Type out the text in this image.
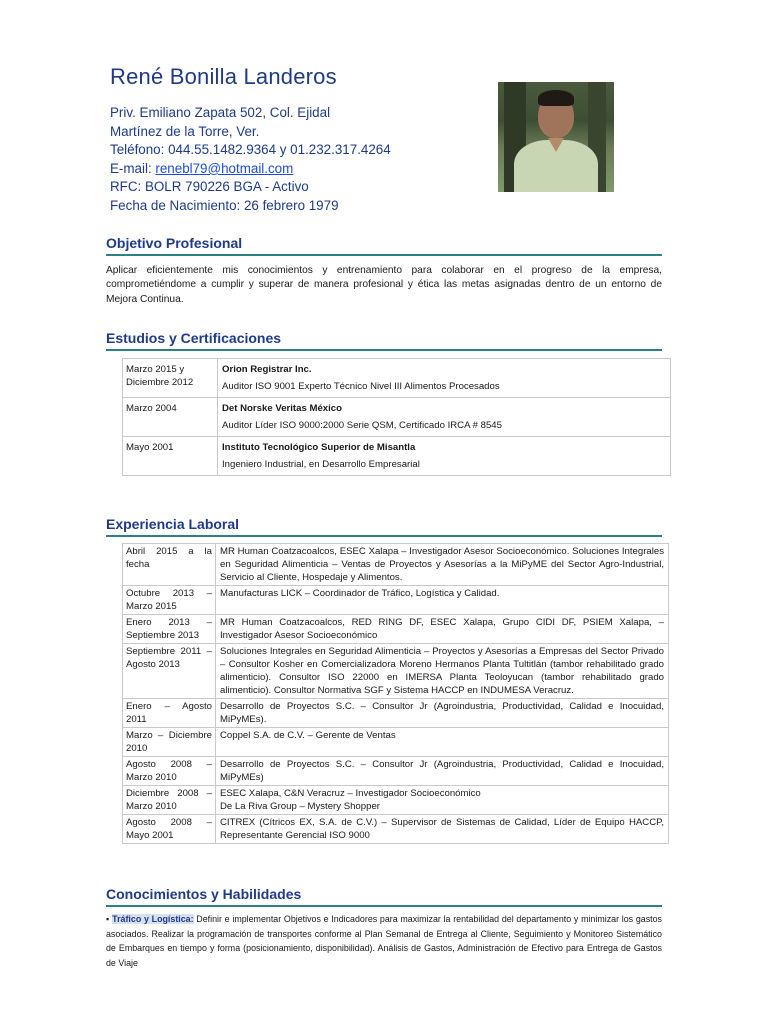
René Bonilla Landeros
Priv. Emiliano Zapata 502, Col. Ejidal
Martínez de la Torre, Ver.
Teléfono: 044.55.1482.9364 y 01.232.317.4264
E-mail: renebl79@hotmail.com
RFC: BOLR 790226 BGA - Activo
Fecha de Nacimiento: 26 febrero 1979
Objetivo Profesional
Aplicar eficientemente mis conocimientos y entrenamiento para colaborar en el progreso de la empresa, comprometiéndome a cumplir y superar de manera profesional y ética las metas asignadas dentro de un entorno de Mejora Continua.
Estudios y Certificaciones
Marzo 2015 y Diciembre 2012	Orion Registrar Inc.
Auditor ISO 9001 Experto Técnico Nivel III Alimentos Procesados

Marzo 2004	Det Norske Veritas México
Auditor Líder ISO 9000:2000 Serie QSM, Certificado IRCA # 8545

Mayo 2001	Instituto Tecnológico Superior de Misantla
Ingeniero Industrial, en Desarrollo Empresarial
Experiencia Laboral
Abril 2015 a la fecha	MR Human Coatzacoalcos, ESEC Xalapa – Investigador Asesor Socioeconómico. Soluciones Integrales en Seguridad Alimenticia – Ventas de Proyectos y Asesorías a la MiPyME del Sector Agro-Industrial, Servicio al Cliente, Hospedaje y Alimentos.
Octubre 2013 – Marzo 2015	Manufacturas LICK – Coordinador de Tráfico, Logística y Calidad.
Enero 2013 – Septiembre 2013	MR Human Coatzacoalcos, RED RING DF, ESEC Xalapa, Grupo CIDI DF, PSIEM Xalapa, – Investigador Asesor Socioeconómico
Septiembre 2011 – Agosto 2013	Soluciones Integrales en Seguridad Alimenticia – Proyectos y Asesorías a Empresas del Sector Privado – Consultor Kosher en Comercializadora Moreno Hermanos Planta Tultitlán (tambor rehabilitado grado alimenticio). Consultor ISO 22000 en IMERSA Planta Teoloyucan (tambor rehabilitado grado alimenticio). Consultor Normativa SGF y Sistema HACCP en INDUMESA Veracruz.
Enero – Agosto 2011	Desarrollo de Proyectos S.C. – Consultor Jr (Agroindustria, Productividad, Calidad e Inocuidad, MiPyMEs).
Marzo – Diciembre 2010	Coppel S.A. de C.V. – Gerente de Ventas
Agosto 2008 – Marzo 2010	Desarrollo de Proyectos S.C. – Consultor Jr (Agroindustria, Productividad, Calidad e Inocuidad, MiPyMEs)
Diciembre 2008 – Marzo 2010	ESEC Xalapa, C&N Veracruz – Investigador Socioeconómico
De La Riva Group – Mystery Shopper
Agosto 2008 – Mayo 2001	CITREX (Cítricos EX, S.A. de C.V.) – Supervisor de Sistemas de Calidad, Líder de Equipo HACCP, Representante Gerencial ISO 9000
Conocimientos y Habilidades
▪ Tráfico y Logística: Definir e implementar Objetivos e Indicadores para maximizar la rentabilidad del departamento y minimizar los gastos asociados. Realizar la programación de transportes conforme al Plan Semanal de Entrega al Cliente, Seguimiento y Monitoreo Sistemático de Embarques en tiempo y forma (posicionamiento, disponibilidad). Análisis de Gastos, Administración de Efectivo para Entrega de Gastos de Viaje
